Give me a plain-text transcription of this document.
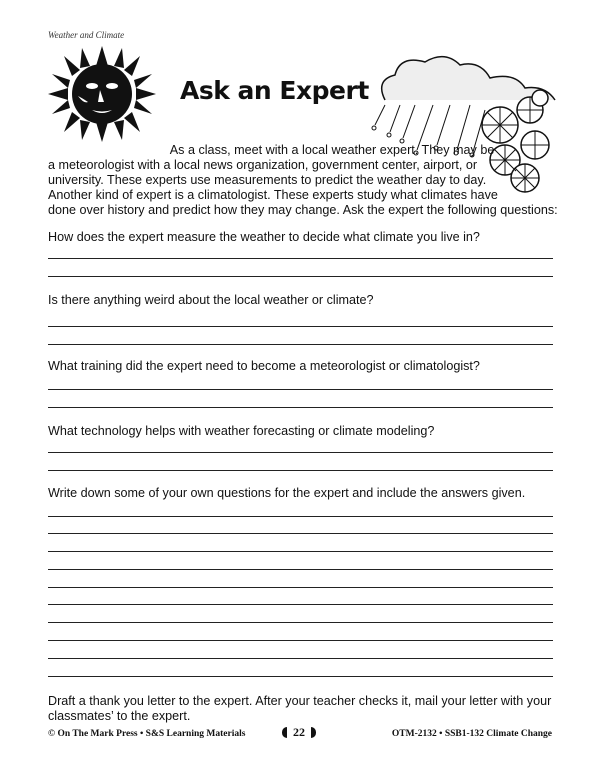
Weather and Climate
Ask an Expert
As a class, meet with a local weather expert. They may be
a meteorologist with a local news organization, government center, airport, or
university. These experts use measurements to predict the weather day to day.
Another kind of expert is a climatologist. These experts study what climates have
done over history and predict how they may change. Ask the expert the following questions:
How does the expert measure the weather to decide what climate you live in?
Is there anything weird about the local weather or climate?
What training did the expert need to become a meteorologist or climatologist?
What technology helps with weather forecasting or climate modeling?
Write down some of your own questions for the expert and include the answers given.
Draft a thank you letter to the expert. After your teacher checks it, mail your letter with your
classmates’ to the expert.
© On The Mark Press • S&S Learning Materials	22	OTM-2132 • SSB1-132 Climate Change
